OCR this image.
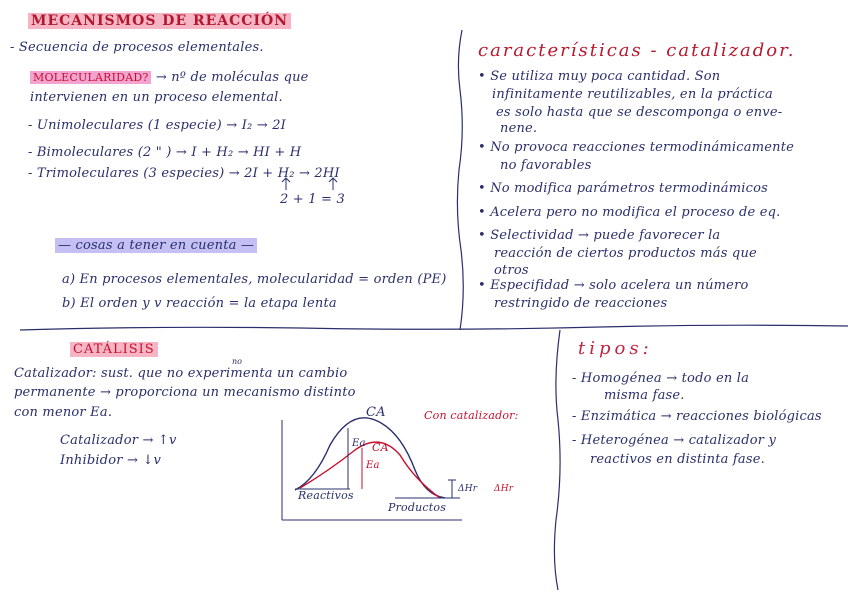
MECANISMOS DE REACCIÓN
- Secuencia de procesos elementales.
MOLECULARIDAD? → nº de moléculas que
intervienen en un proceso elemental.
- Unimoleculares (1 especie) → I₂ → 2I
- Bimoleculares (2 " ) → I + H₂ → HI + H
- Trimoleculares (3 especies) → 2I + H₂ → 2HI
2 + 1 = 3
— cosas a tener en cuenta —
a) En procesos elementales, molecularidad = orden (PE)
b) El orden y v reacción = la etapa lenta
características - catalizador.
• Se utiliza muy poca cantidad. Son
infinitamente reutilizables, en la práctica
es solo hasta que se descomponga o enve-
nene.
• No provoca reacciones termodinámicamente
no favorables
• No modifica parámetros termodinámicos
• Acelera pero no modifica el proceso de eq.
• Selectividad → puede favorecer la
reacción de ciertos productos más que
otros
• Especifidad → solo acelera un número
restringido de reacciones
CATÁLISIS
Catalizador: sust. que no experimenta un cambio
no
permanente → proporciona un mecanismo distinto
con menor Ea.
Catalizador → ↑v
Inhibidor → ↓v
CA
CA
Ea
Ea
Con catalizador:
Reactivos
Productos
ΔHr ΔHr
tipos:
- Homogénea → todo en la
misma fase.
- Enzimática → reacciones biológicas
- Heterogénea → catalizador y
reactivos en distinta fase.
